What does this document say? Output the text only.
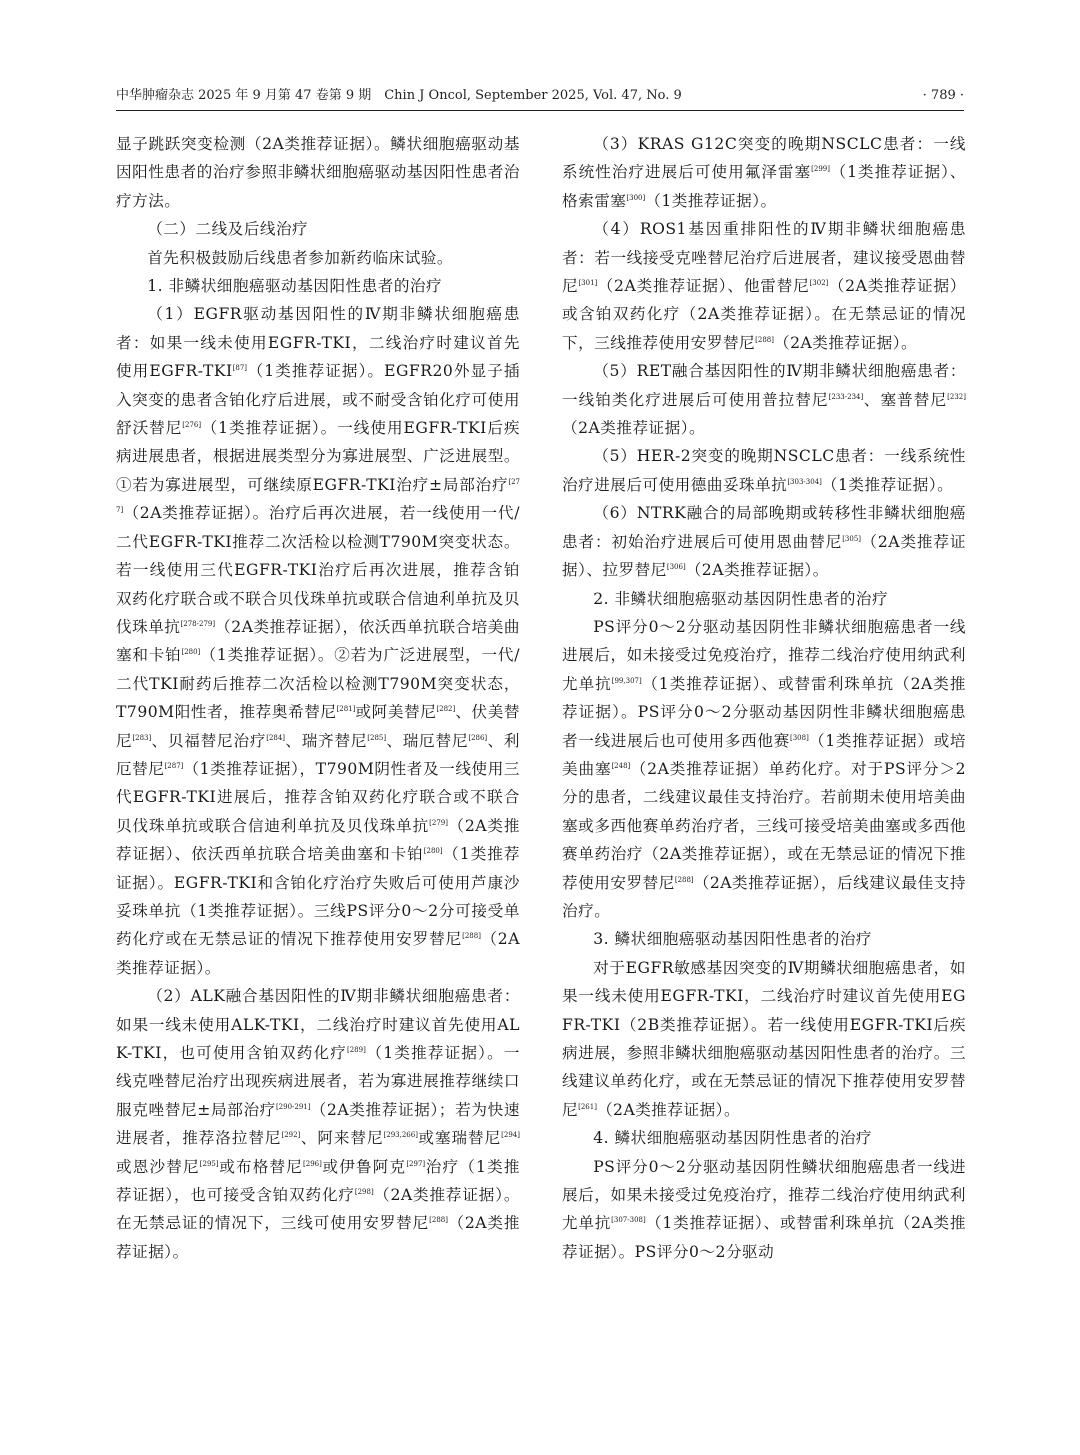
中华肿瘤杂志 2025 年 9 月第 47 卷第 9 期　Chin J Oncol, September 2025, Vol. 47, No. 9	· 789 ·

显子跳跃突变检测（2A类推荐证据）。鳞状细胞癌驱动基因阳性患者的治疗参照非鳞状细胞癌驱动基因阳性患者治疗方法。

（二）二线及后线治疗

首先积极鼓励后线患者参加新药临床试验。

1. 非鳞状细胞癌驱动基因阳性患者的治疗

（1）EGFR驱动基因阳性的Ⅳ期非鳞状细胞癌患者：如果一线未使用EGFR-TKI，二线治疗时建议首先使用EGFR-TKI[87]（1类推荐证据）。EGFR20外显子插入突变的患者含铂化疗后进展，或不耐受含铂化疗可使用舒沃替尼[276]（1类推荐证据）。一线使用EGFR-TKI后疾病进展患者，根据进展类型分为寡进展型、广泛进展型。①若为寡进展型，可继续原EGFR-TKI治疗±局部治疗[277]（2A类推荐证据）。治疗后再次进展，若一线使用一代/二代EGFR-TKI推荐二次活检以检测T790M突变状态。若一线使用三代EGFR-TKI治疗后再次进展，推荐含铂双药化疗联合或不联合贝伐珠单抗或联合信迪利单抗及贝伐珠单抗[278-279]（2A类推荐证据），依沃西单抗联合培美曲塞和卡铂[280]（1类推荐证据）。②若为广泛进展型，一代/二代TKI耐药后推荐二次活检以检测T790M突变状态，T790M阳性者，推荐奥希替尼[281]或阿美替尼[282]、伏美替尼[283]、贝福替尼治疗[284]、瑞齐替尼[285]、瑞厄替尼[286]、利厄替尼[287]（1类推荐证据），T790M阴性者及一线使用三代EGFR-TKI进展后，推荐含铂双药化疗联合或不联合贝伐珠单抗或联合信迪利单抗及贝伐珠单抗[279]（2A类推荐证据）、依沃西单抗联合培美曲塞和卡铂[280]（1类推荐证据）。EGFR-TKI和含铂化疗治疗失败后可使用芦康沙妥珠单抗（1类推荐证据）。三线PS评分0～2分可接受单药化疗或在无禁忌证的情况下推荐使用安罗替尼[288]（2A类推荐证据）。

（2）ALK融合基因阳性的Ⅳ期非鳞状细胞癌患者：如果一线未使用ALK-TKI，二线治疗时建议首先使用ALK-TKI，也可使用含铂双药化疗[289]（1类推荐证据）。一线克唑替尼治疗出现疾病进展者，若为寡进展推荐继续口服克唑替尼±局部治疗[290-291]（2A类推荐证据）；若为快速进展者，推荐洛拉替尼[292]、阿来替尼[293,266]或塞瑞替尼[294]或恩沙替尼[295]或布格替尼[296]或伊鲁阿克[297]治疗（1类推荐证据），也可接受含铂双药化疗[298]（2A类推荐证据）。在无禁忌证的情况下，三线可使用安罗替尼[288]（2A类推荐证据）。

（3）KRAS G12C突变的晚期NSCLC患者：一线系统性治疗进展后可使用氟泽雷塞[299]（1类推荐证据）、格索雷塞[300]（1类推荐证据）。

（4）ROS1基因重排阳性的Ⅳ期非鳞状细胞癌患者：若一线接受克唑替尼治疗后进展者，建议接受恩曲替尼[301]（2A类推荐证据）、他雷替尼[302]（2A类推荐证据）或含铂双药化疗（2A类推荐证据）。在无禁忌证的情况下，三线推荐使用安罗替尼[288]（2A类推荐证据）。

（5）RET融合基因阳性的Ⅳ期非鳞状细胞癌患者：一线铂类化疗进展后可使用普拉替尼[233-234]、塞普替尼[232]（2A类推荐证据）。

（5）HER-2突变的晚期NSCLC患者：一线系统性治疗进展后可使用德曲妥珠单抗[303-304]（1类推荐证据）。

（6）NTRK融合的局部晚期或转移性非鳞状细胞癌患者：初始治疗进展后可使用恩曲替尼[305]（2A类推荐证据）、拉罗替尼[306]（2A类推荐证据）。

2. 非鳞状细胞癌驱动基因阴性患者的治疗

PS评分0～2分驱动基因阴性非鳞状细胞癌患者一线进展后，如未接受过免疫治疗，推荐二线治疗使用纳武利尤单抗[99,307]（1类推荐证据）、或替雷利珠单抗（2A类推荐证据）。PS评分0～2分驱动基因阴性非鳞状细胞癌患者一线进展后也可使用多西他赛[308]（1类推荐证据）或培美曲塞[248]（2A类推荐证据）单药化疗。对于PS评分＞2分的患者，二线建议最佳支持治疗。若前期未使用培美曲塞或多西他赛单药治疗者，三线可接受培美曲塞或多西他赛单药治疗（2A类推荐证据），或在无禁忌证的情况下推荐使用安罗替尼[288]（2A类推荐证据），后线建议最佳支持治疗。

3. 鳞状细胞癌驱动基因阳性患者的治疗

对于EGFR敏感基因突变的Ⅳ期鳞状细胞癌患者，如果一线未使用EGFR-TKI，二线治疗时建议首先使用EGFR-TKI（2B类推荐证据）。若一线使用EGFR-TKI后疾病进展，参照非鳞状细胞癌驱动基因阳性患者的治疗。三线建议单药化疗，或在无禁忌证的情况下推荐使用安罗替尼[261]（2A类推荐证据）。

4. 鳞状细胞癌驱动基因阴性患者的治疗

PS评分0～2分驱动基因阴性鳞状细胞癌患者一线进展后，如果未接受过免疫治疗，推荐二线治疗使用纳武利尤单抗[307-308]（1类推荐证据）、或替雷利珠单抗（2A类推荐证据）。PS评分0～2分驱动
